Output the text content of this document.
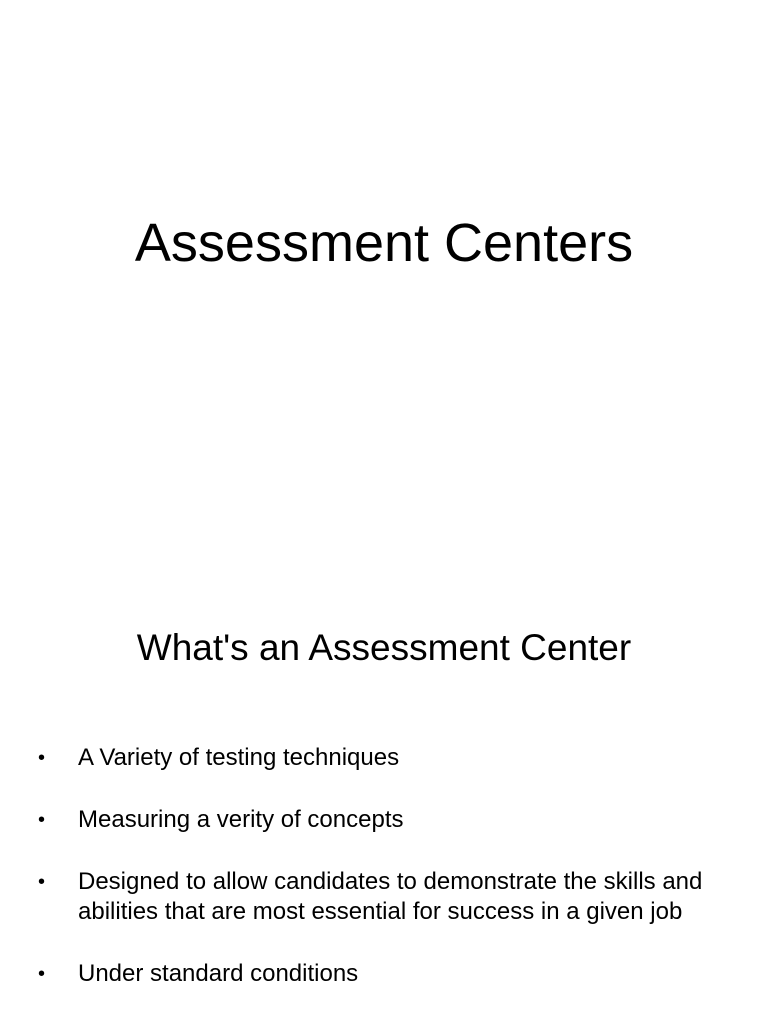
Assessment Centers
What's an Assessment Center
• A Variety of testing techniques
• Measuring a verity of concepts
• Designed to allow candidates to demonstrate the skills and abilities that are most essential for success in a given job
• Under standard conditions
